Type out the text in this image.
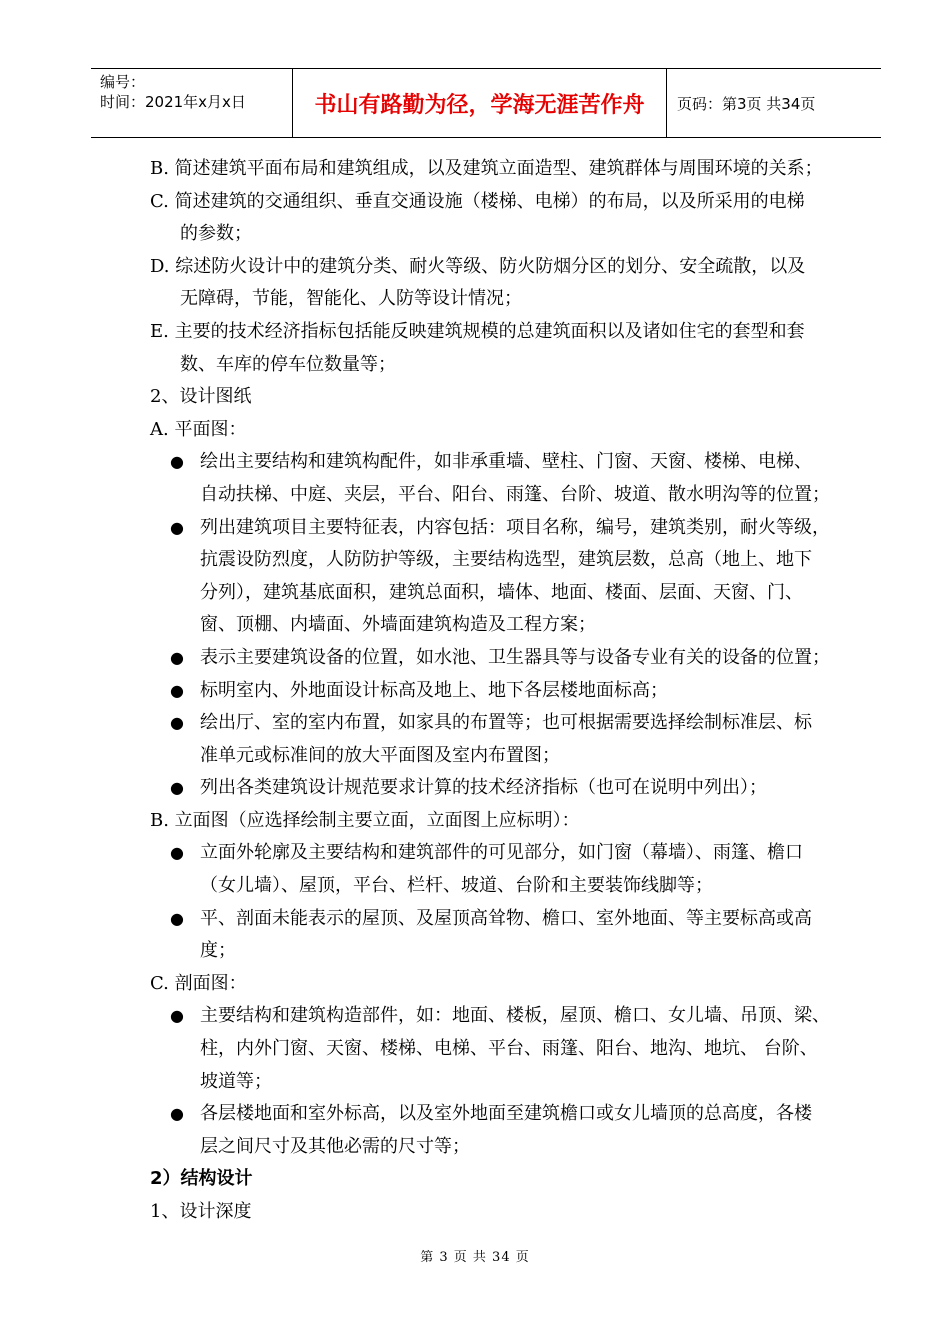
编号：
时间：2021年x月x日	书山有路勤为径，学海无涯苦作舟	页码：第3页 共34页
B. 简述建筑平面布局和建筑组成，以及建筑立面造型、建筑群体与周围环境的关系；
C. 简述建筑的交通组织、垂直交通设施（楼梯、电梯）的布局，以及所采用的电梯
的参数；
D. 综述防火设计中的建筑分类、耐火等级、防火防烟分区的划分、安全疏散，以及
无障碍，节能，智能化、人防等设计情况；
E. 主要的技术经济指标包括能反映建筑规模的总建筑面积以及诸如住宅的套型和套
数、车库的停车位数量等；
2、设计图纸
A. 平面图：
● 绘出主要结构和建筑构配件，如非承重墙、壁柱、门窗、天窗、楼梯、电梯、
自动扶梯、中庭、夹层，平台、阳台、雨篷、台阶、坡道、散水明沟等的位置；
● 列出建筑项目主要特征表，内容包括：项目名称，编号，建筑类别，耐火等级，
抗震设防烈度，人防防护等级，主要结构选型，建筑层数，总高（地上、地下
分列），建筑基底面积，建筑总面积，墙体、地面、楼面、层面、天窗、门、
窗、顶棚、内墙面、外墙面建筑构造及工程方案；
● 表示主要建筑设备的位置，如水池、卫生器具等与设备专业有关的设备的位置；
● 标明室内、外地面设计标高及地上、地下各层楼地面标高；
● 绘出厅、室的室内布置，如家具的布置等；也可根据需要选择绘制标准层、标
准单元或标准间的放大平面图及室内布置图；
● 列出各类建筑设计规范要求计算的技术经济指标（也可在说明中列出）；
B. 立面图（应选择绘制主要立面，立面图上应标明）：
● 立面外轮廓及主要结构和建筑部件的可见部分，如门窗（幕墙）、雨篷、檐口
（女儿墙）、屋顶，平台、栏杆、坡道、台阶和主要装饰线脚等；
● 平、剖面未能表示的屋顶、及屋顶高耸物、檐口、室外地面、等主要标高或高
度；
C. 剖面图：
● 主要结构和建筑构造部件，如：地面、楼板，屋顶、檐口、女儿墙、吊顶、梁、
柱，内外门窗、天窗、楼梯、电梯、平台、雨篷、阳台、地沟、地坑、 台阶、
坡道等；
● 各层楼地面和室外标高，以及室外地面至建筑檐口或女儿墙顶的总高度，各楼
层之间尺寸及其他必需的尺寸等；
2）结构设计
1、设计深度
第 3 页 共 34 页
